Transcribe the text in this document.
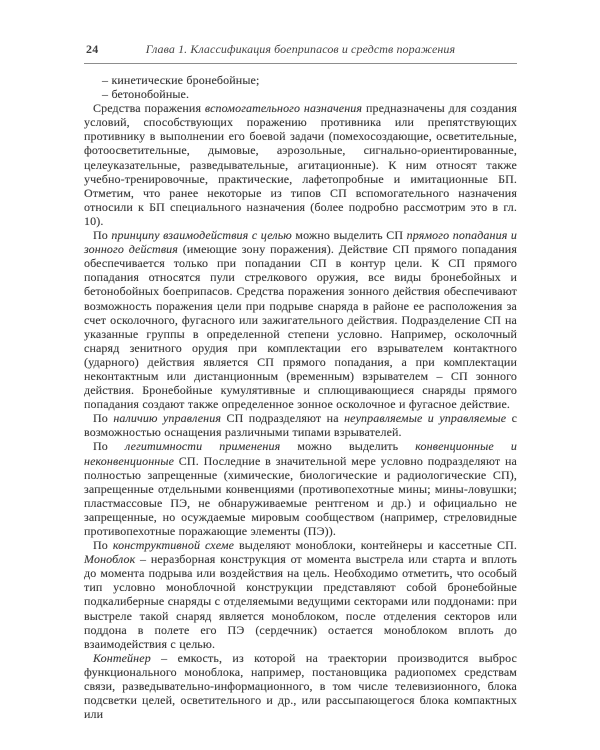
24	Глава 1. Классификация боеприпасов и средств поражения

– кинетические бронебойные;

– бетонобойные.

Средства поражения вспомогательного назначения предназначены для создания условий, способствующих поражению противника или препятствующих противнику в выполнении его боевой задачи (помехосоздающие, осветительные, фотоосветительные, дымовые, аэрозольные, сигнально-ориентированные, целеуказательные, разведывательные, агитационные). К ним относят также учебно-тренировочные, практические, лафетопробные и имитационные БП. Отметим, что ранее некоторые из типов СП вспомогательного назначения относили к БП специального назначения (более подробно рассмотрим это в гл. 10).

По принципу взаимодействия с целью можно выделить СП прямого попадания и зонного действия (имеющие зону поражения). Действие СП прямого попадания обеспечивается только при попадании СП в контур цели. К СП прямого попадания относятся пули стрелкового оружия, все виды бронебойных и бетонобойных боеприпасов. Средства поражения зонного действия обеспечивают возможность поражения цели при подрыве снаряда в районе ее расположения за счет осколочного, фугасного или зажигательного действия. Подразделение СП на указанные группы в определенной степени условно. Например, осколочный снаряд зенитного орудия при комплектации его взрывателем контактного (ударного) действия является СП прямого попадания, а при комплектации неконтактным или дистанционным (временным) взрывателем – СП зонного действия. Бронебойные кумулятивные и сплющивающиеся снаряды прямого попадания создают также определенное зонное осколочное и фугасное действие.

По наличию управления СП подразделяют на неуправляемые и управляемые с возможностью оснащения различными типами взрывателей.

По легитимности применения можно выделить конвенционные и неконвенционные СП. Последние в значительной мере условно подразделяют на полностью запрещенные (химические, биологические и радиологические СП), запрещенные отдельными конвенциями (противопехотные мины; мины-ловушки; пластмассовые ПЭ, не обнаруживаемые рентгеном и др.) и официально не запрещенные, но осуждаемые мировым сообществом (например, стреловидные противопехотные поражающие элементы (ПЭ)).

По конструктивной схеме выделяют моноблоки, контейнеры и кассетные СП. Моноблок – неразборная конструкция от момента выстрела или старта и вплоть до момента подрыва или воздействия на цель. Необходимо отметить, что особый тип условно моноблочной конструкции представляют собой бронебойные подкалиберные снаряды с отделяемыми ведущими секторами или поддонами: при выстреле такой снаряд является моноблоком, после отделения секторов или поддона в полете его ПЭ (сердечник) остается моноблоком вплоть до взаимодействия с целью.

Контейнер – емкость, из которой на траектории производится выброс функционального моноблока, например, постановщика радиопомех средствам связи, разведывательно-информационного, в том числе телевизионного, блока подсветки целей, осветительного и др., или рассыпающегося блока компактных или
